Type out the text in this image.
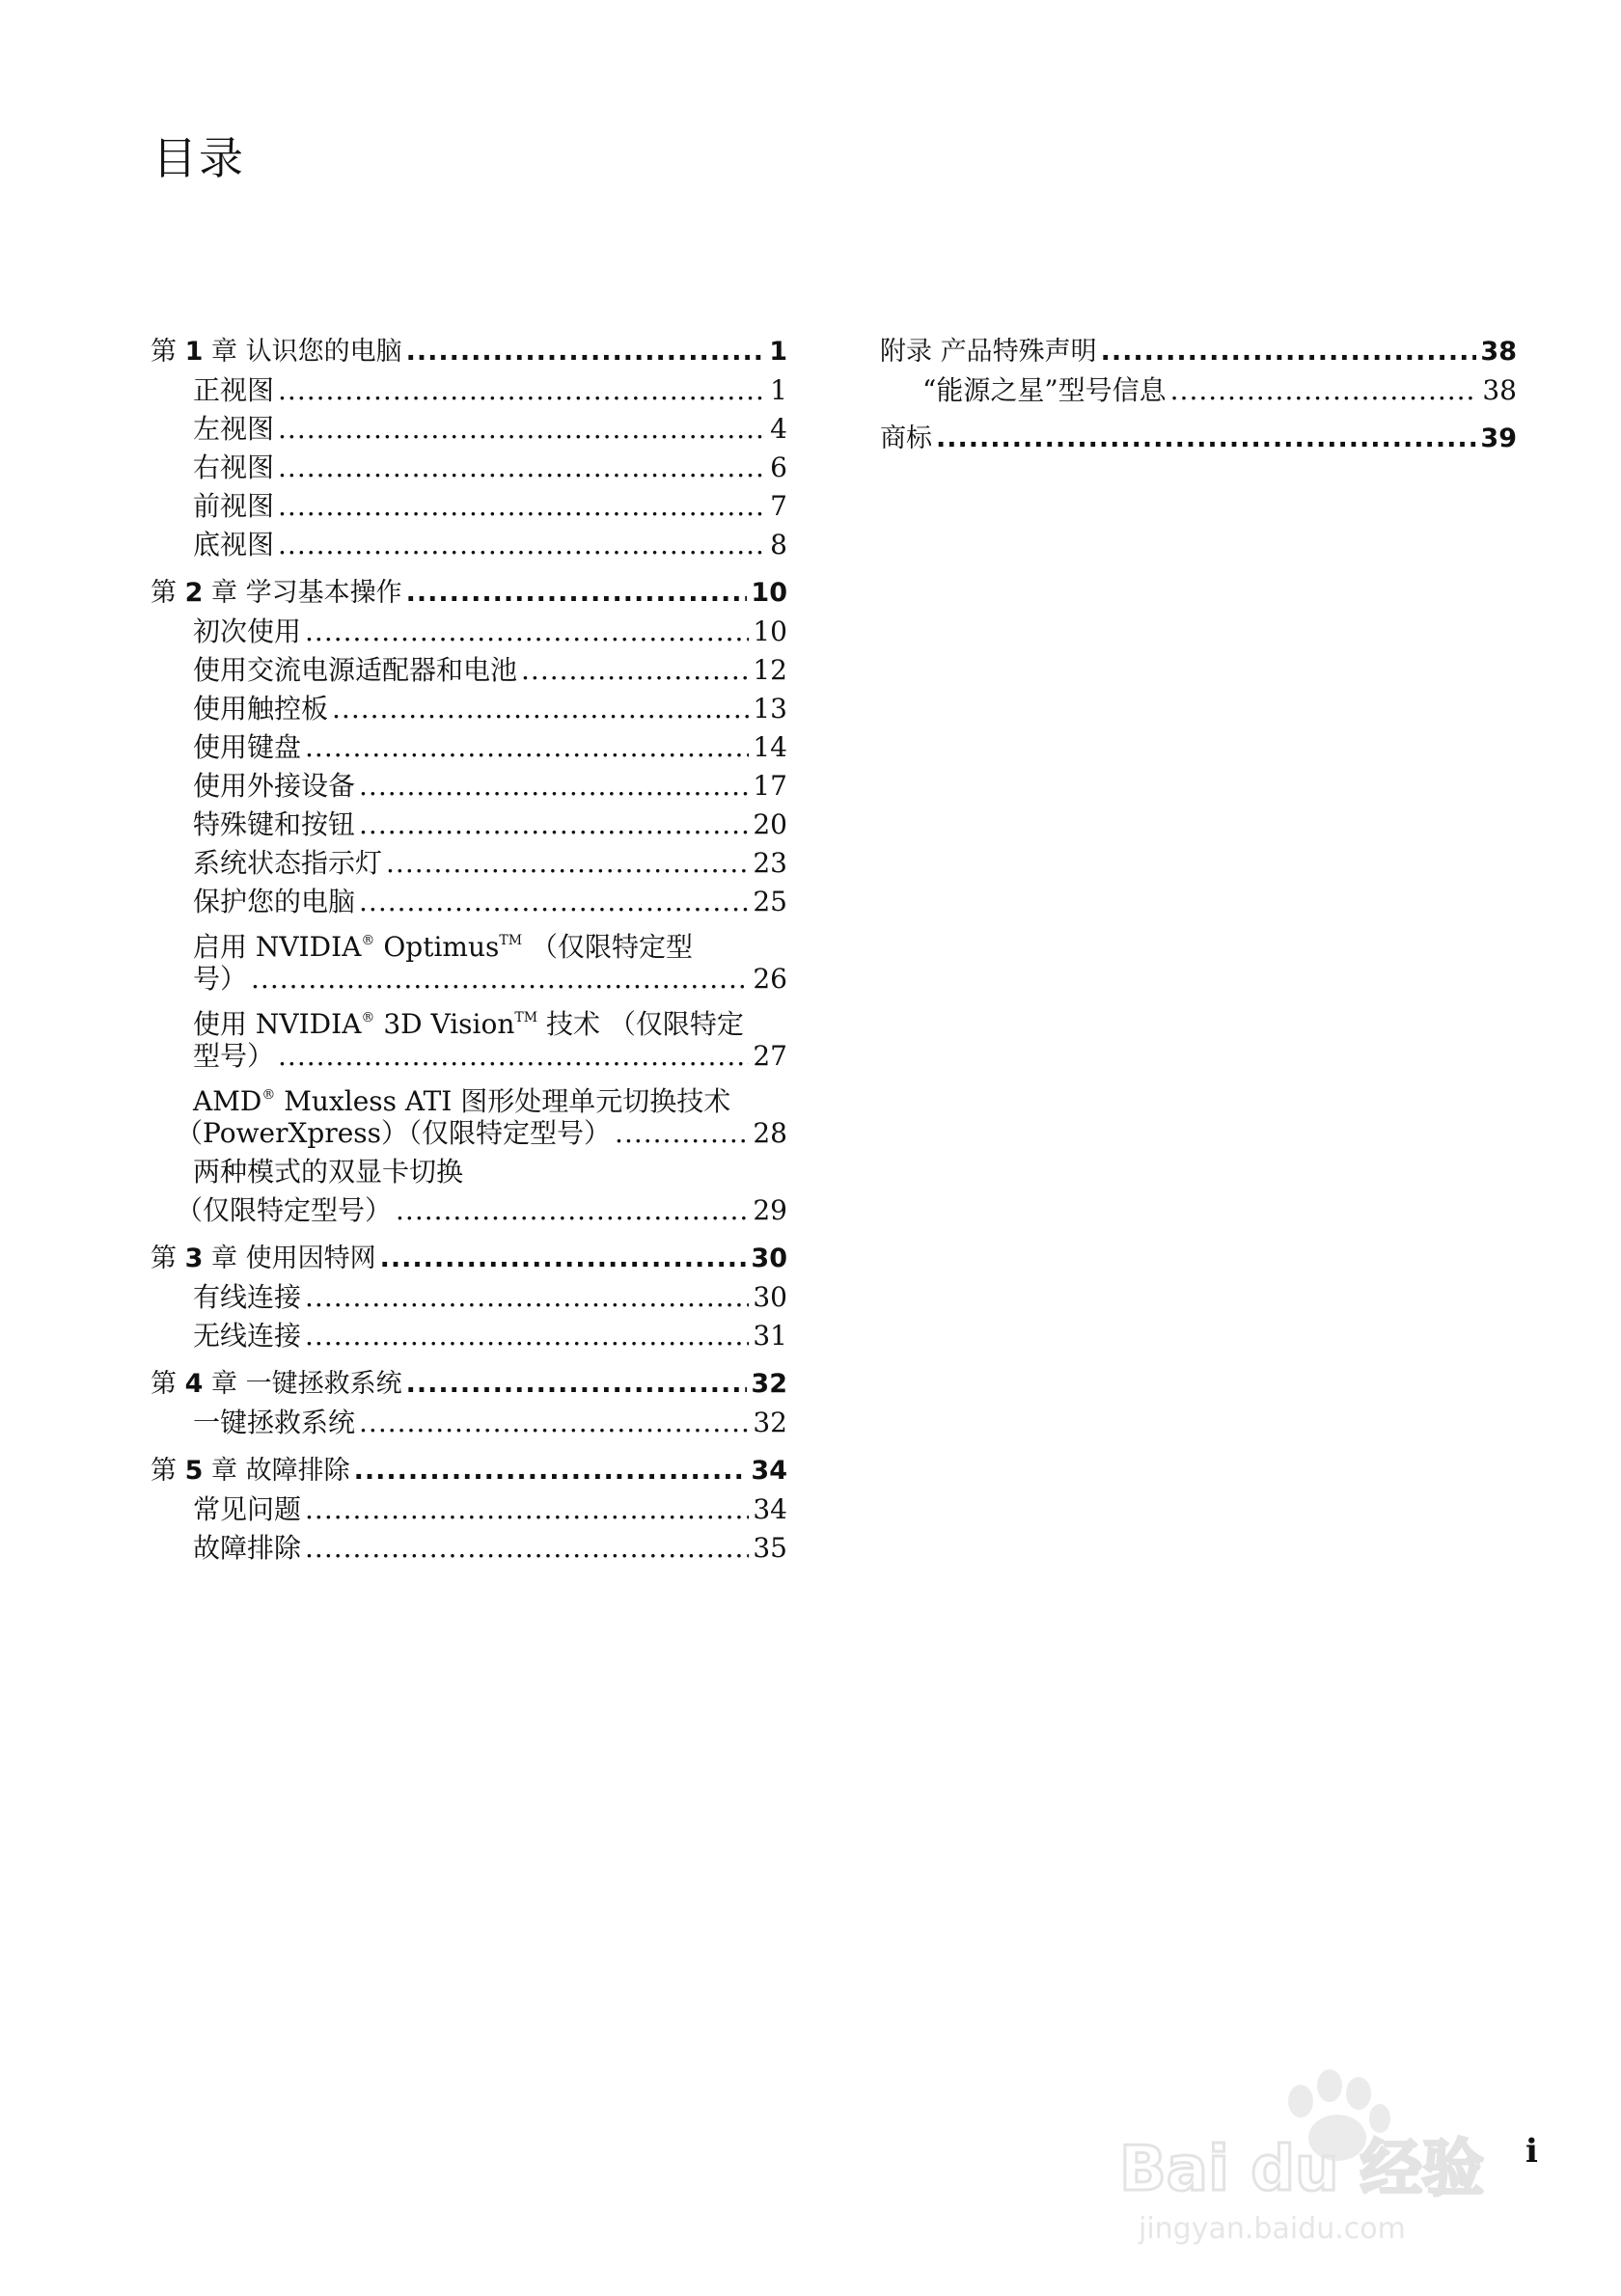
目录
第 1 章 认识您的电脑 .....	1
正视图 .....	1
左视图 .....	4
右视图 .....	6
前视图 .....	7
底视图 .....	8
第 2 章 学习基本操作 .....	10
初次使用 .....	10
使用交流电源适配器和电池 .....	12
使用触控板 .....	13
使用键盘 .....	14
使用外接设备 .....	17
特殊键和按钮 .....	20
系统状态指示灯 .....	23
保护您的电脑 .....	25
启用 NVIDIA® Optimus™ （仅限特定型
号） .....	26
使用 NVIDIA® 3D Vision™ 技术 （仅限特定
型号） .....	27
AMD® Muxless ATI 图形处理单元切换技术
（PowerXpress）（仅限特定型号） .....	28
两种模式的双显卡切换
（仅限特定型号） .....	29
第 3 章 使用因特网 .....	30
有线连接 .....	30
无线连接 .....	31
第 4 章 一键拯救系统 .....	32
一键拯救系统 .....	32
第 5 章 故障排除 .....	34
常见问题 .....	34
故障排除 .....	35
附录 产品特殊声明 .....	38
“能源之星”型号信息 .....	38
商标 .....	39
Bai du 经验
jingyan.baidu.com
i
